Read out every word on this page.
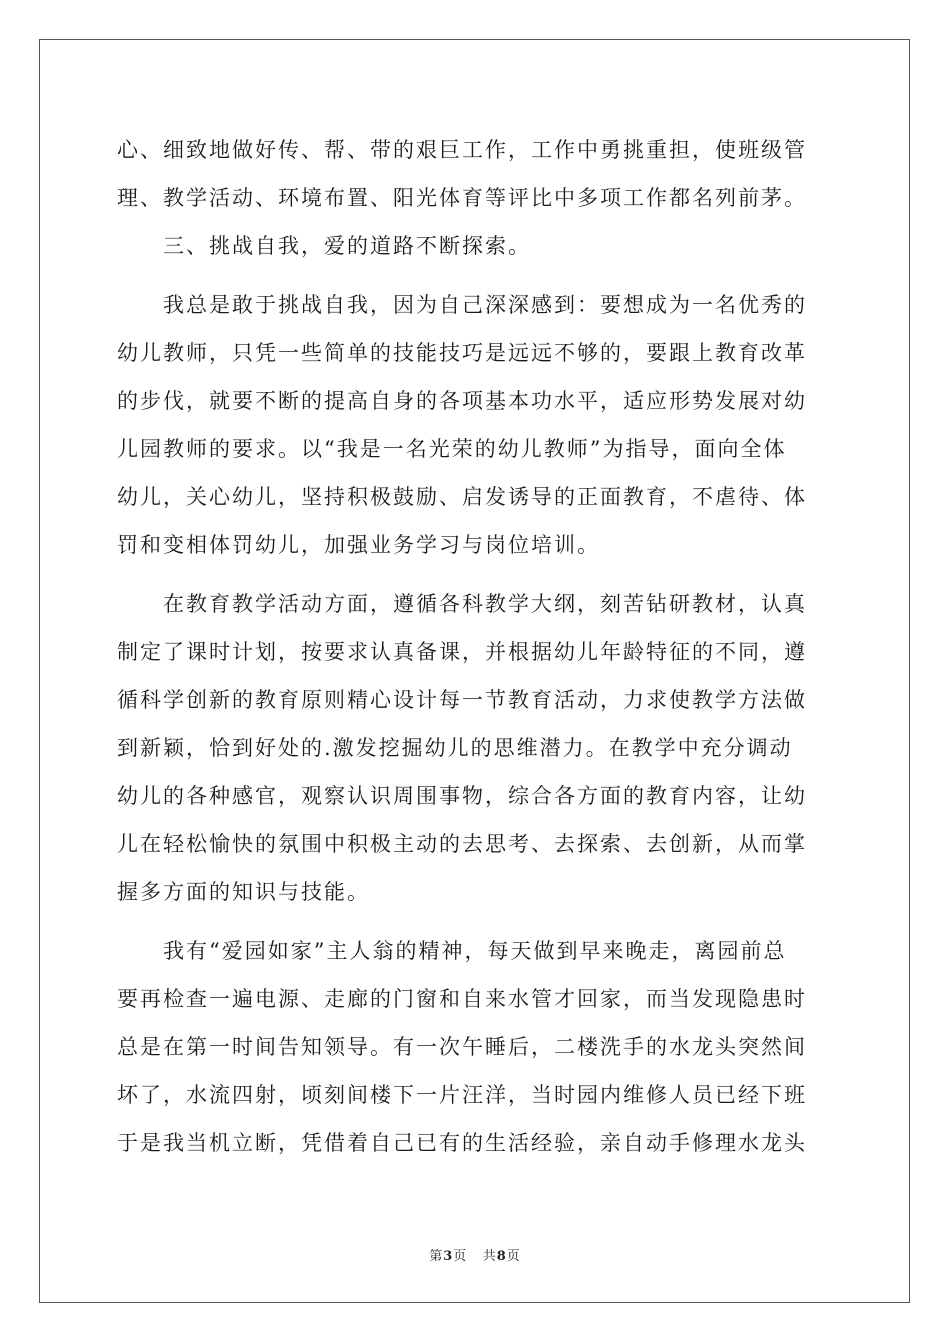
心、细致地做好传、帮、带的艰巨工作，工作中勇挑重担，使班级管
理、教学活动、环境布置、阳光体育等评比中多项工作都名列前茅。
三、挑战自我，爱的道路不断探索。
我总是敢于挑战自我，因为自己深深感到：要想成为一名优秀的
幼儿教师，只凭一些简单的技能技巧是远远不够的，要跟上教育改革
的步伐，就要不断的提高自身的各项基本功水平，适应形势发展对幼
儿园教师的要求。以“我是一名光荣的幼儿教师”为指导，面向全体
幼儿，关心幼儿，坚持积极鼓励、启发诱导的正面教育，不虐待、体
罚和变相体罚幼儿，加强业务学习与岗位培训。
在教育教学活动方面，遵循各科教学大纲，刻苦钻研教材，认真
制定了课时计划，按要求认真备课，并根据幼儿年龄特征的不同，遵
循科学创新的教育原则精心设计每一节教育活动，力求使教学方法做
到新颖，恰到好处的.激发挖掘幼儿的思维潜力。在教学中充分调动
幼儿的各种感官，观察认识周围事物，综合各方面的教育内容，让幼
儿在轻松愉快的氛围中积极主动的去思考、去探索、去创新，从而掌
握多方面的知识与技能。
我有“爱园如家”主人翁的精神，每天做到早来晚走，离园前总
要再检查一遍电源、走廊的门窗和自来水管才回家，而当发现隐患时
总是在第一时间告知领导。有一次午睡后，二楼洗手的水龙头突然间
坏了，水流四射，顷刻间楼下一片汪洋，当时园内维修人员已经下班
于是我当机立断，凭借着自己已有的生活经验，亲自动手修理水龙头
第3页 共8页
